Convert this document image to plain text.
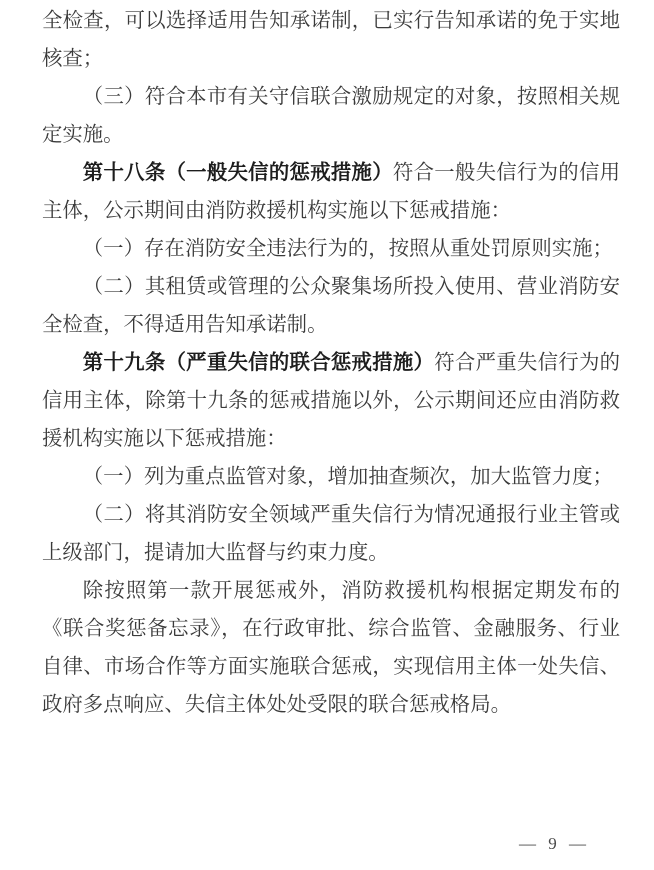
全检查，可以选择适用告知承诺制，已实行告知承诺的免于实地核查；

（三）符合本市有关守信联合激励规定的对象，按照相关规定实施。

第十八条（一般失信的惩戒措施）符合一般失信行为的信用主体，公示期间由消防救援机构实施以下惩戒措施：

（一）存在消防安全违法行为的，按照从重处罚原则实施；

（二）其租赁或管理的公众聚集场所投入使用、营业消防安全检查，不得适用告知承诺制。

第十九条（严重失信的联合惩戒措施）符合严重失信行为的信用主体，除第十九条的惩戒措施以外，公示期间还应由消防救援机构实施以下惩戒措施：

（一）列为重点监管对象，增加抽查频次，加大监管力度；

（二）将其消防安全领域严重失信行为情况通报行业主管或上级部门，提请加大监督与约束力度。

除按照第一款开展惩戒外，消防救援机构根据定期发布的《联合奖惩备忘录》，在行政审批、综合监管、金融服务、行业自律、市场合作等方面实施联合惩戒，实现信用主体一处失信、政府多点响应、失信主体处处受限的联合惩戒格局。

— 9 —
